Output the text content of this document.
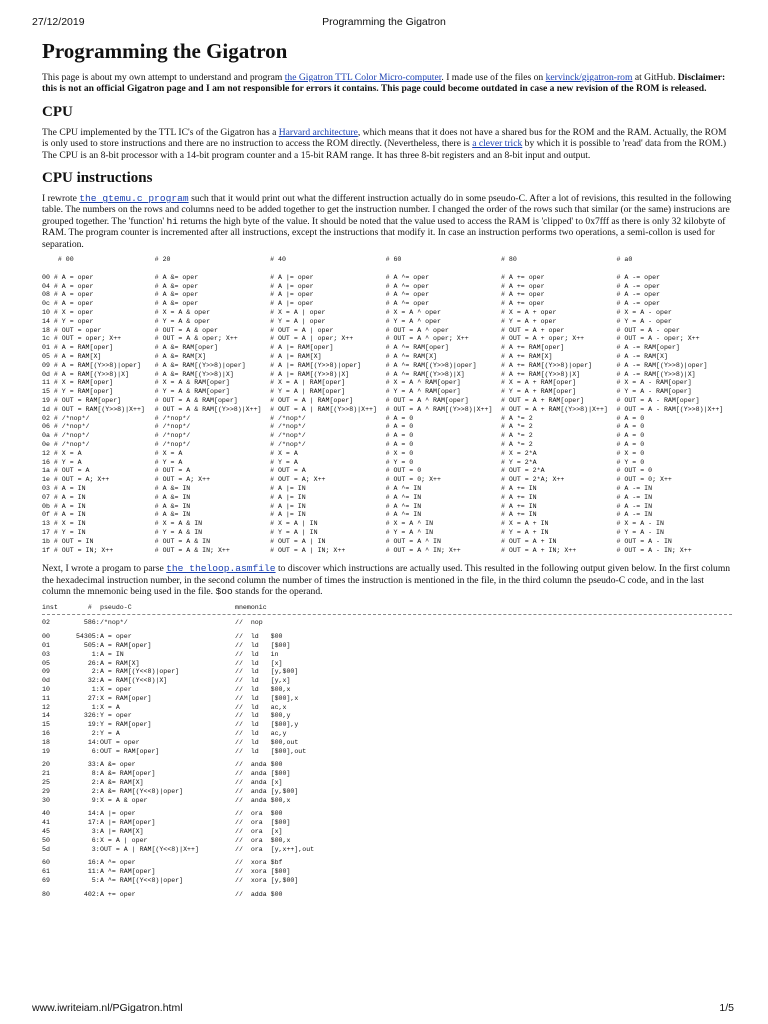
27/12/2019	Programming the Gigatron
Programming the Gigatron

This page is about my own attempt to understand and program the Gigatron TTL Color Micro-computer. I made use of the files on kervinck/gigatron-rom at GitHub. Disclaimer: this is not an official Gigatron page and I am not responsible for errors it contains. This page could become outdated in case a new revision of the ROM is released.

CPU

The CPU implemented by the TTL IC's of the Gigatron has a Harvard architecture, which means that it does not have a shared bus for the ROM and the RAM. Actually, the ROM is only used to store instructions and there are no instruction to access the ROM directly. (Nevertheless, there is a clever trick by which it is possible to 'read' data from the ROM.) The CPU is an 8-bit processor with a 14-bit program counter and a 15-bit RAM range. It has three 8-bit registers and an 8-bit input and output.

CPU instructions

I rewrote the gtemu.c program such that it would print out what the different instruction actually do in some pseudo-C. After a lot of revisions, this resulted in the following table. The numbers on the rows and columns need to be added together to get the instruction number. I changed the order of the rows such that similar (or the same) instrucions are grouped together. The 'function' hi returns the high byte of the value. It should be noted that the value used to access the RAM is 'clipped' to 0x7fff as there is only 32 kilobyte of RAM. The program counter is incremented after all instructions, except the instructions that modify it. In case an instruction performs two operations, a semi-collon is used for separation.

# 00	# 20	# 40	# 60	# 80	# a0
00 # A = oper	# A &= oper	# A |= oper	# A ^= oper	# A += oper	# A -= oper
04 # A = oper	# A &= oper	# A |= oper	# A ^= oper	# A += oper	# A -= oper
08 # A = oper	# A &= oper	# A |= oper	# A ^= oper	# A += oper	# A -= oper
0c # A = oper	# A &= oper	# A |= oper	# A ^= oper	# A += oper	# A -= oper
10 # X = oper	# X = A & oper	# X = A | oper	# X = A ^ oper	# X = A + oper	# X = A - oper
14 # Y = oper	# Y = A & oper	# Y = A | oper	# Y = A ^ oper	# Y = A + oper	# Y = A - oper
18 # OUT = oper	# OUT = A & oper	# OUT = A | oper	# OUT = A ^ oper	# OUT = A + oper	# OUT = A - oper
1c # OUT = oper; X++	# OUT = A & oper; X++	# OUT = A | oper; X++	# OUT = A ^ oper; X++	# OUT = A + oper; X++	# OUT = A - oper; X++
01 # A = RAM[oper]	# A &= RAM[oper]	# A |= RAM[oper]	# A ^= RAM[oper]	# A += RAM[oper]	# A -= RAM[oper]
05 # A = RAM[X]	# A &= RAM[X]	# A |= RAM[X]	# A ^= RAM[X]	# A += RAM[X]	# A -= RAM[X]
09 # A = RAM[(Y>>8)|oper]	# A &= RAM[(Y>>8)|oper]	# A |= RAM[(Y>>8)|oper]	# A ^= RAM[(Y>>8)|oper]	# A += RAM[(Y>>8)|oper]	# A -= RAM[(Y>>8)|oper]
0d # A = RAM[(Y>>8)|X]	# A &= RAM[(Y>>8)|X]	# A |= RAM[(Y>>8)|X]	# A ^= RAM[(Y>>8)|X]	# A += RAM[(Y>>8)|X]	# A -= RAM[(Y>>8)|X]
11 # X = RAM[oper]	# X = A & RAM[oper]	# X = A | RAM[oper]	# X = A ^ RAM[oper]	# X = A + RAM[oper]	# X = A - RAM[oper]
15 # Y = RAM[oper]	# Y = A & RAM[oper]	# Y = A | RAM[oper]	# Y = A ^ RAM[oper]	# Y = A + RAM[oper]	# Y = A - RAM[oper]
19 # OUT = RAM[oper]	# OUT = A & RAM[oper]	# OUT = A | RAM[oper]	# OUT = A ^ RAM[oper]	# OUT = A + RAM[oper]	# OUT = A - RAM[oper]
1d # OUT = RAM[(Y>>8)|X++]	# OUT = A & RAM[(Y>>8)|X++]	# OUT = A | RAM[(Y>>8)|X++]	# OUT = A ^ RAM[(Y>>8)|X++]	# OUT = A + RAM[(Y>>8)|X++]	# OUT = A - RAM[(Y>>8)|X++]
02 # /*nop*/	# /*nop*/	# /*nop*/	# A = 0	# A *= 2	# A = 0
06 # /*nop*/	# /*nop*/	# /*nop*/	# A = 0	# A *= 2	# A = 0
0a # /*nop*/	# /*nop*/	# /*nop*/	# A = 0	# A *= 2	# A = 0
0e # /*nop*/	# /*nop*/	# /*nop*/	# A = 0	# A *= 2	# A = 0
12 # X = A	# X = A	# X = A	# X = 0	# X = 2*A	# X = 0
16 # Y = A	# Y = A	# Y = A	# Y = 0	# Y = 2*A	# Y = 0
1a # OUT = A	# OUT = A	# OUT = A	# OUT = 0	# OUT = 2*A	# OUT = 0
1e # OUT = A; X++	# OUT = A; X++	# OUT = A; X++	# OUT = 0; X++	# OUT = 2*A; X++	# OUT = 0; X++
03 # A = IN	# A &= IN	# A |= IN	# A ^= IN	# A += IN	# A -= IN
07 # A = IN	# A &= IN	# A |= IN	# A ^= IN	# A += IN	# A -= IN
0b # A = IN	# A &= IN	# A |= IN	# A ^= IN	# A += IN	# A -= IN
0f # A = IN	# A &= IN	# A |= IN	# A ^= IN	# A += IN	# A -= IN
13 # X = IN	# X = A & IN	# X = A | IN	# X = A ^ IN	# X = A + IN	# X = A - IN
17 # Y = IN	# Y = A & IN	# Y = A | IN	# Y = A ^ IN	# Y = A + IN	# Y = A - IN
1b # OUT = IN	# OUT = A & IN	# OUT = A | IN	# OUT = A ^ IN	# OUT = A + IN	# OUT = A - IN
1f # OUT = IN; X++	# OUT = A & IN; X++	# OUT = A | IN; X++	# OUT = A ^ IN; X++	# OUT = A + IN; X++	# OUT = A - IN; X++

Next, I wrote a progam to parse the theloop.asmfile to discover which instructions are actually used. This resulted in the following output given below. In the first column the hexadecimal instruction number, in the second column the number of times the instruction is mentioned in the file, in the third column the pseudo-C code, and in the last column the mnemonic being used in the file. $oo stands for the operand.

inst # pseudo-C	mnemonic
02	586: /*nop*/	//  nop
00	54305: A = oper	//  ld   $00
01	505: A = RAM[oper]	//  ld   [$00]
03	1: A = IN	//  ld   in
05	26: A = RAM[X]	//  ld   [x]
09	2: A = RAM[(Y<<8)|oper]	//  ld   [y,$00]
0d	32: A = RAM[(Y<<8)|X]	//  ld   [y,x]
10	1: X = oper	//  ld   $00,x
11	27: X = RAM[oper]	//  ld   [$00],x
12	1: X = A	//  ld   ac,x
14	326: Y = oper	//  ld   $00,y
15	19: Y = RAM[oper]	//  ld   [$00],y
16	2: Y = A	//  ld   ac,y
18	14: OUT = oper	//  ld   $00,out
19	6: OUT = RAM[oper]	//  ld   [$00],out
20	33: A &= oper	//  anda $00
21	8: A &= RAM[oper]	//  anda [$00]
25	2: A &= RAM[X]	//  anda [x]
29	2: A &= RAM[(Y<<8)|oper]	//  anda [y,$00]
30	9: X = A & oper	//  anda $00,x
40	14: A |= oper	//  ora  $00
41	17: A |= RAM[oper]	//  ora  [$00]
45	3: A |= RAM[X]	//  ora  [x]
50	6: X = A | oper	//  ora  $00,x
5d	3: OUT = A | RAM[(Y<<8)|X++]	//  ora  [y,x++],out
60	16: A ^= oper	//  xora $bf
61	11: A ^= RAM[oper]	//  xora [$00]
69	5: A ^= RAM[(Y<<8)|oper]	//  xora [y,$00]
80	402: A += oper	//  adda $00
www.iwriteiam.nl/PGigatron.html	1/5
